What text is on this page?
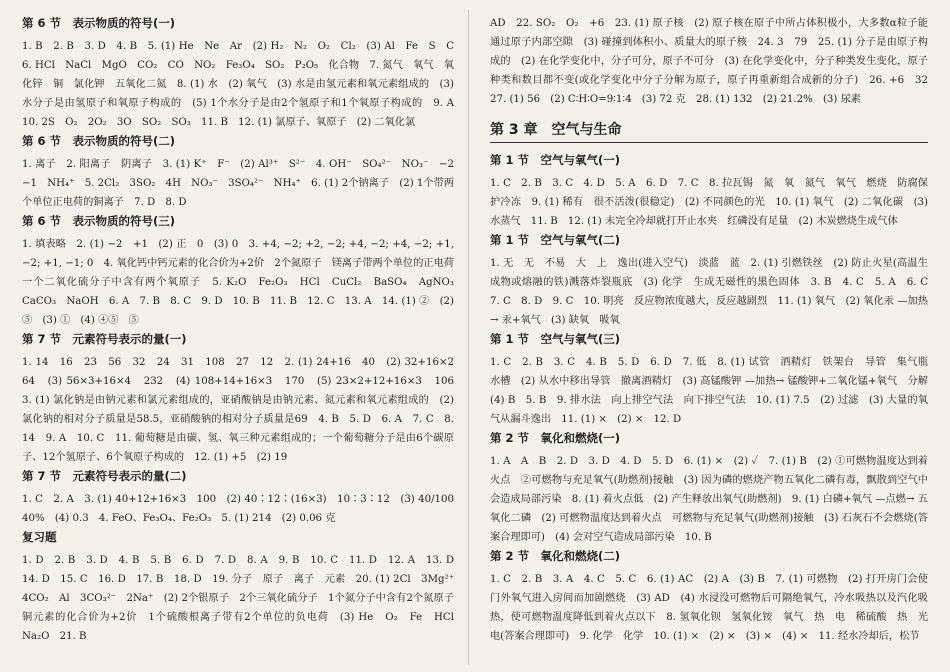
第 6 节　表示物质的符号(一)

1. B　2. B　3. D　4. B　5. (1) He　Ne　Ar　(2) H₂　N₂　O₂　Cl₂　(3) Al　Fe　S　C　6. HCl　NaCl　MgO　CO₂　CO　NO₂　Fe₃O₄　SO₂　P₂O₅　化合物　7. 氮气　氧气　氧化锌　铜　氯化钾　五氧化二氮　8. (1) 水　(2) 氧气　(3) 水是由氢元素和氧元素组成的　(3) 水分子是由氢原子和氧原子构成的　(5) 1个水分子是由2个氢原子和1个氧原子构成的　9. A　10. 2S　O₂　2O₂　3O　SO₂　SO₃　11. B　12. (1) 氯原子、氧原子　(2) 二氧化氯

第 6 节　表示物质的符号(二)

1. 离子　2. 阳离子　阴离子　3. (1) K⁺　F⁻　(2) Al³⁺　S²⁻　4. OH⁻　SO₄²⁻　NO₃⁻　−2　−1　NH₄⁺　5. 2Cl₂　3SO₂　4H　NO₃⁻　3SO₄²⁻　NH₄⁺　6. (1) 2个钠离子　(2) 1个带两个单位正电荷的铜离子　7. D　8. D

第 6 节　表示物质的符号(三)

1. 填表略　2. (1) −2　+1　(2) 正　0　(3) 0　3. +4, −2; +2, −2; +4, −2; +4, −2; +1, −2; +1, −1; 0　4. 氧化钙中钙元素的化合价为+2价　2个氮原子　镁离子带两个单位的正电荷　一个二氧化硫分子中含有两个氧原子　5. K₂O　Fe₂O₃　HCl　CuCl₂　BaSO₄　AgNO₃　CaCO₃　NaOH　6. A　7. B　8. C　9. D　10. B　11. B　12. C　13. A　14. (1) ②　(2) ⑤　(3) ①　(4) ④⑤　⑤

第 7 节　元素符号表示的量(一)

1. 14　16　23　56　32　24　31　108　27　12　2. (1) 24+16　40　(2) 32+16×2　64　(3) 56×3+16×4　232　(4) 108+14+16×3　170　(5) 23×2+12+16×3　106　3. (1) 氯化钠是由钠元素和氯元素组成的，亚硝酸钠是由钠元素、氮元素和氧元素组成的　(2) 氯化钠的相对分子质量是58.5，亚硝酸钠的相对分子质量是69　4. B　5. D　6. A　7. C　8. 14　9. A　10. C　11. 葡萄糖是由碳、氢、氧三种元素组成的；一个葡萄糖分子是由6个碳原子、12个氢原子、6个氧原子构成的　12. (1) +5　(2) 19

第 7 节　元素符号表示的量(二)

1. C　2. A　3. (1) 40+12+16×3　100　(2) 40∶12∶(16×3)　10∶3∶12　(3) 40/100　40%　(4) 0.3　4. FeO、Fe₃O₄、Fe₂O₃　5. (1) 214　(2) 0.06 克

复习题

1. D　2. B　3. D　4. B　5. B　6. D　7. D　8. A　9. B　10. C　11. D　12. A　13. D　14. D　15. C　16. D　17. B　18. D　19. 分子　原子　离子　元素　20. (1) 2Cl　3Mg²⁺　4CO₂　Al　3CO₃²⁻　2Na⁺　(2) 2个银原子　2个三氧化硫分子　1个氮分子中含有2个氮原子　铜元素的化合价为+2价　1个硫酸根离子带有2个单位的负电荷　(3) He　O₂　Fe　HCl　Na₂O　21. B

AD　22. SO₂　O₂　+6　23. (1) 原子核　(2) 原子核在原子中所占体积极小，大多数α粒子能通过原子内部空隙　(3) 碰撞到体积小、质量大的原子核　24. 3　79　25. (1) 分子是由原子构成的　(2) 在化学变化中，分子可分，原子不可分　(3) 在化学变化中，分子种类发生变化，原子种类和数目都不变(或化学变化中分子分解为原子，原子再重新组合成新的分子)　26. +6　32　27. (1) 56　(2) C∶H∶O=9∶1∶4　(3) 72 克　28. (1) 132　(2) 21.2%　(3) 尿素

第 3 章　空气与生命
第 1 节　空气与氧气(一)

1. C　2. B　3. C　4. D　5. A　6. D　7. C　8. 拉瓦锡　氮　氧　氮气　氧气　燃烧　防腐保护冷冻　9. (1) 稀有　很不活泼(很稳定)　(2) 不同颜色的光　10. (1) 氧气　(2) 二氧化碳　(3) 水蒸气　11. B　12. (1) 未完全冷却就打开止水夹　红磷没有足量　(2) 木炭燃烧生成气体

第 1 节　空气与氧气(二)

1. 无　无　不易　大　上　逸出(进入空气)　淡蓝　蓝　2. (1) 引燃铁丝　(2) 防止火星(高温生成物或熔融的铁)溅落炸裂瓶底　(3) 化学　生成无磁性的黑色固体　3. B　4. C　5. A　6. C　7. C　8. D　9. C　10. 明亮　反应物浓度越大，反应越剧烈　11. (1) 氧气　(2) 氧化汞 —加热→ 汞+氧气　(3) 缺氧　吸氧

第 1 节　空气与氧气(三)

1. C　2. B　3. C　4. B　5. D　6. D　7. 低　8. (1) 试管　酒精灯　铁架台　导管　集气瓶　水槽　(2) 从水中移出导管　撤离酒精灯　(3) 高锰酸钾 —加热→ 锰酸钾+二氧化锰+氧气　分解　(4) B　5. B　9. 排水法　向上排空气法　向下排空气法　10. (1) 7.5　(2) 过滤　(3) 大量的氧气从漏斗逸出　11. (1) ×　(2) ×　12. D

第 2 节　氧化和燃烧(一)

1. A　A　B　2. D　3. D　4. D　5. D　6. (1) ×　(2) ✓　7. (1) B　(2) ①可燃物温度达到着火点　②可燃物与充足氧气(助燃剂)接触　(3) 因为磷的燃烧产物五氧化二磷有毒，飘散到空气中会造成局部污染　8. (1) 着火点低　(2) 产生释放出氧气(助燃剂)　9. (1) 白磷+氧气 —点燃→ 五氧化二磷　(2) 可燃物温度达到着火点　可燃物与充足氧气(助燃剂)接触　(3) 石灰石不会燃烧(答案合理即可)　(4) 会对空气造成局部污染　10. B

第 2 节　氧化和燃烧(二)

1. C　2. B　3. A　4. C　5. C　6. (1) AC　(2) A　(3) B　7. (1) 可燃物　(2) 打开房门会使门外氧气进入房间而加剧燃烧　(3) AD　(4) 水浸没可燃物后可隔绝氧气，冷水吸热以及汽化吸热，使可燃物温度降低到着火点以下　8. 氢氧化钡　氢氧化铵　氧气　热　电　稀硫酸　热　光　电(答案合理即可)　9. 化学　化学　10. (1) ×　(2) ×　(3) ×　(4) ×　11. 经水冷却后，松节
